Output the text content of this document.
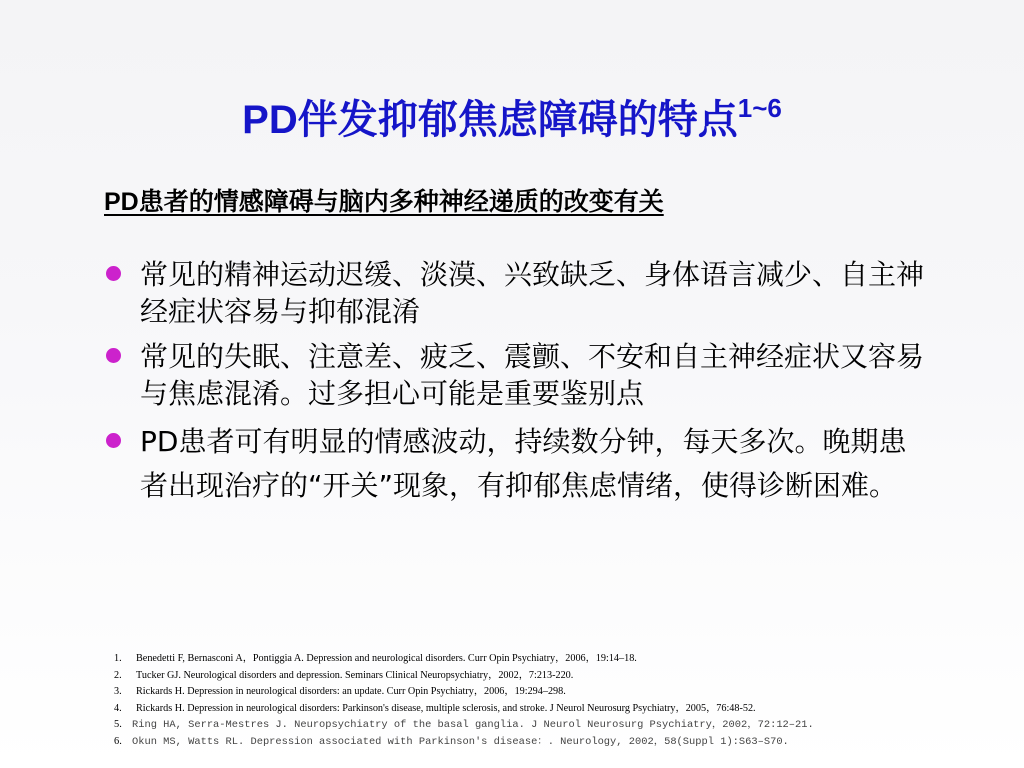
PD伴发抑郁焦虑障碍的特点$^{1\sim 6}$
PD患者的情感障碍与脑内多种神经递质的改变有关
常见的精神运动迟缓、淡漠、兴致缺乏、身体语言减少、自主神经症状容易与抑郁混淆
常见的失眠、注意差、疲乏、震颤、不安和自主神经症状又容易与焦虑混淆。过多担心可能是重要鉴别点
PD患者可有明显的情感波动，持续数分钟，每天多次。晚期患者出现治疗的“开关”现象，有抑郁焦虑情绪，使得诊断困难。
1.	Benedetti F, Bernasconi A，Pontiggia A. Depression and neurological disorders. Curr Opin Psychiatry，2006，19:14–18.
2.	Tucker GJ. Neurological disorders and depression. Seminars Clinical Neuropsychiatry，2002，7:213-220.
3.	Rickards H. Depression in neurological disorders: an update. Curr Opin Psychiatry，2006，19:294–298.
4.	Rickards H. Depression in neurological disorders: Parkinson's disease, multiple sclerosis, and stroke. J Neurol Neurosurg Psychiatry，2005，76:48-52.
5. Ring HA, Serra-Mestres J. Neuropsychiatry of the basal ganglia. J Neurol Neurosurg Psychiatry，2002，72:12–21.
6. Okun MS, Watts RL. Depression associated with Parkinson's disease：. Neurology, 2002，58(Suppl 1):S63–S70.
